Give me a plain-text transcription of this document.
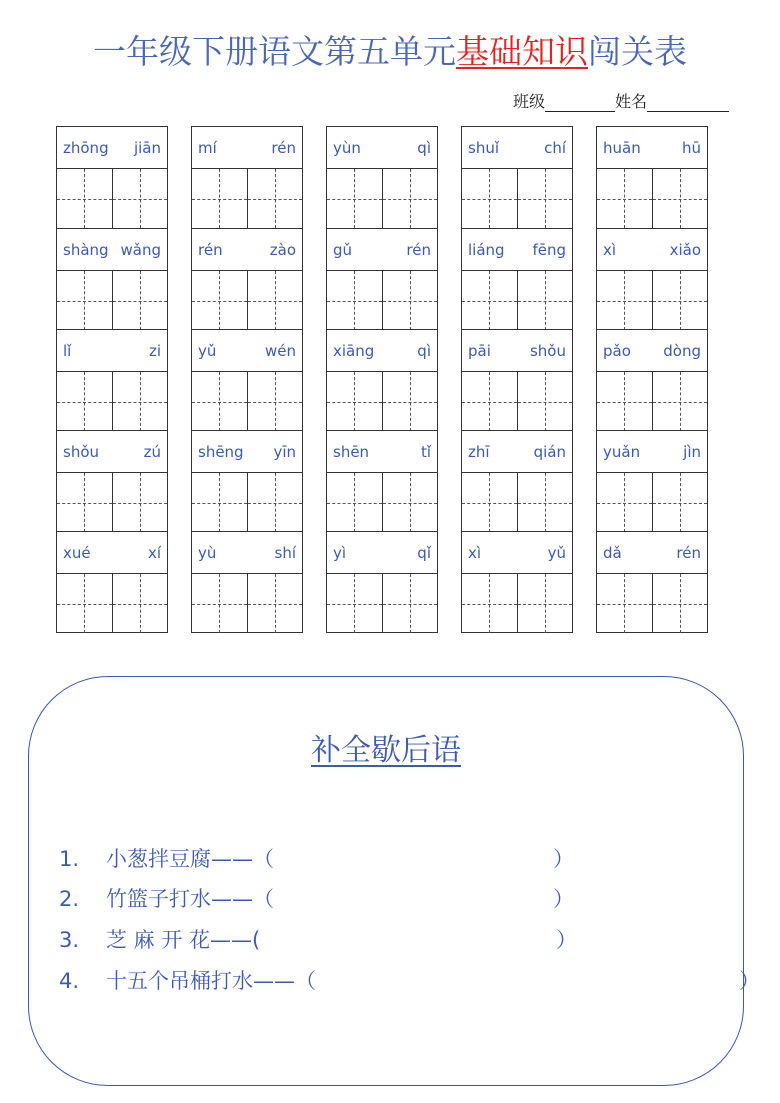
一年级下册语文第五单元基础知识闯关表
班级	姓名
zhōng jiān
shàng wǎng
lǐ	zi
shǒu	zú
xué	xí
mí	rén
rén	zào
yǔ	wén
shēng yīn
yù	shí
yùn	qì
gǔ	rén
xiāng	qì
shēn	tǐ
yì	qǐ
shuǐ	chí
liáng fēng
pāi	shǒu
zhī	qián
xì	yǔ
huān	hū
xì	xiǎo
pǎo dòng
yuǎn	jìn
dǎ	rén
补全歇后语
1. 小葱拌豆腐——（	）
2. 竹篮子打水——（	）
3. 芝 麻 开 花——(	）
4. 十五个吊桶打水——（	）
